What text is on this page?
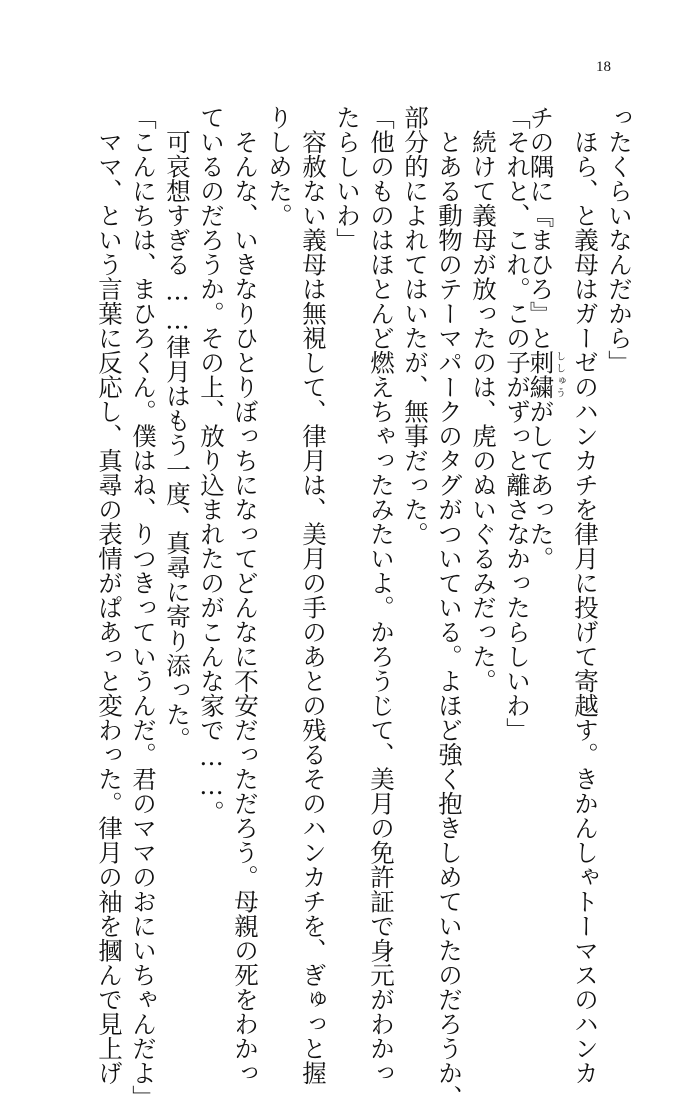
18
ったくらいなんだから」
　ほら、と義母はガーゼのハンカチを律月に投げて寄越す。きかんしゃトーマスのハンカ
チの隅に『まひろ』と刺繍ししゅうがしてあった。
「それと、これ。この子がずっと離さなかったらしいわ」
　続けて義母が放ったのは、虎のぬいぐるみだった。
　とある動物のテーマパークのタグがついている。よほど強く抱きしめていたのだろうか、
部分的によれてはいたが、無事だった。
「他のものはほとんど燃えちゃったみたいよ。かろうじて、美月の免許証で身元がわかっ
たらしいわ」
　容赦ない義母は無視して、律月は、美月の手のあとの残るそのハンカチを、ぎゅっと握
りしめた。
　そんな、いきなりひとりぼっちになってどんなに不安だっただろう。母親の死をわかっ
ているのだろうか。その上、放り込まれたのがこんな家で……。
　可哀想すぎる……律月はもう一度、真尋に寄り添った。
「こんにちは、まひろくん。僕はね、りつきっていうんだ。君のママのおにいちゃんだよ」
　ママ、という言葉に反応し、真尋の表情がぱあっと変わった。律月の袖を摑んで見上げ
